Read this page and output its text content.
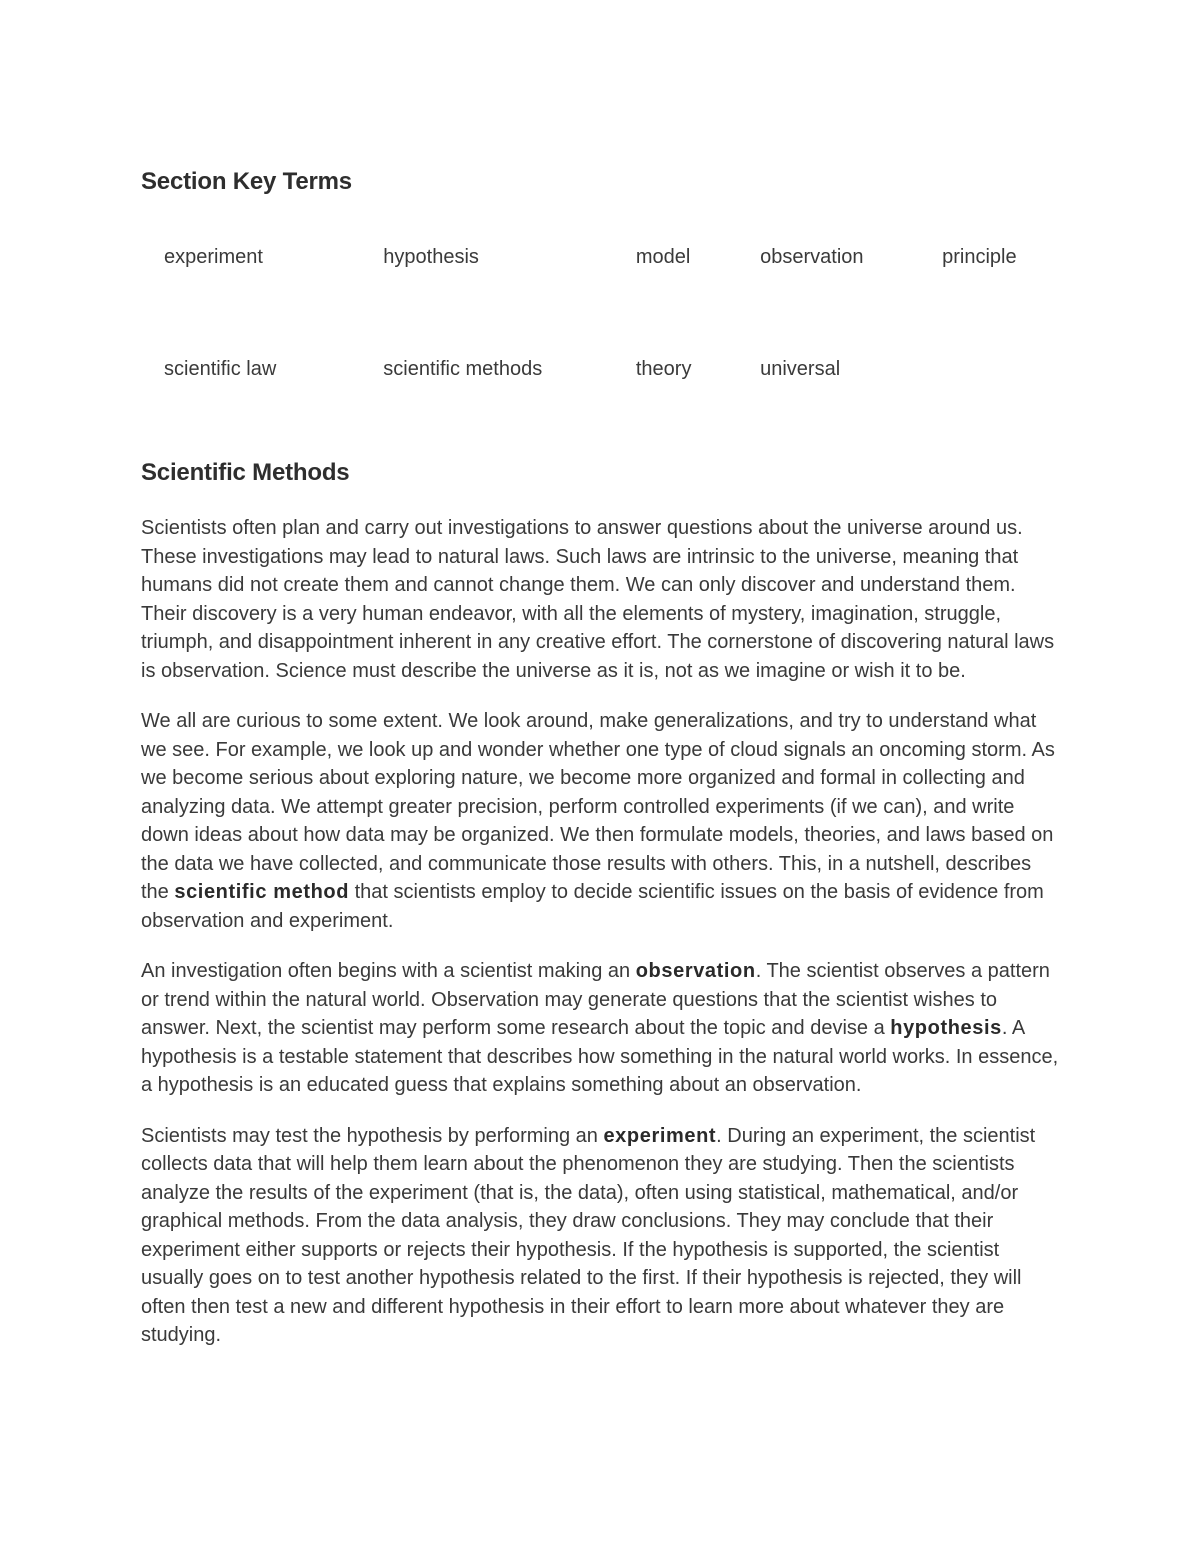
Section Key Terms
experiment	hypothesis	model	observation	principle
scientific law	scientific methods	theory	universal	
Scientific Methods

Scientists often plan and carry out investigations to answer questions about the universe around us. These investigations may lead to natural laws. Such laws are intrinsic to the universe, meaning that humans did not create them and cannot change them. We can only discover and understand them. Their discovery is a very human endeavor, with all the elements of mystery, imagination, struggle, triumph, and disappointment inherent in any creative effort. The cornerstone of discovering natural laws is observation. Science must describe the universe as it is, not as we imagine or wish it to be.

We all are curious to some extent. We look around, make generalizations, and try to understand what we see. For example, we look up and wonder whether one type of cloud signals an oncoming storm. As we become serious about exploring nature, we become more organized and formal in collecting and analyzing data. We attempt greater precision, perform controlled experiments (if we can), and write down ideas about how data may be organized. We then formulate models, theories, and laws based on the data we have collected, and communicate those results with others. This, in a nutshell, describes the scientific method that scientists employ to decide scientific issues on the basis of evidence from observation and experiment.

An investigation often begins with a scientist making an observation. The scientist observes a pattern or trend within the natural world. Observation may generate questions that the scientist wishes to answer. Next, the scientist may perform some research about the topic and devise a hypothesis. A hypothesis is a testable statement that describes how something in the natural world works. In essence, a hypothesis is an educated guess that explains something about an observation.

Scientists may test the hypothesis by performing an experiment. During an experiment, the scientist collects data that will help them learn about the phenomenon they are studying. Then the scientists analyze the results of the experiment (that is, the data), often using statistical, mathematical, and/or graphical methods. From the data analysis, they draw conclusions. They may conclude that their experiment either supports or rejects their hypothesis. If the hypothesis is supported, the scientist usually goes on to test another hypothesis related to the first. If their hypothesis is rejected, they will often then test a new and different hypothesis in their effort to learn more about whatever they are studying.
